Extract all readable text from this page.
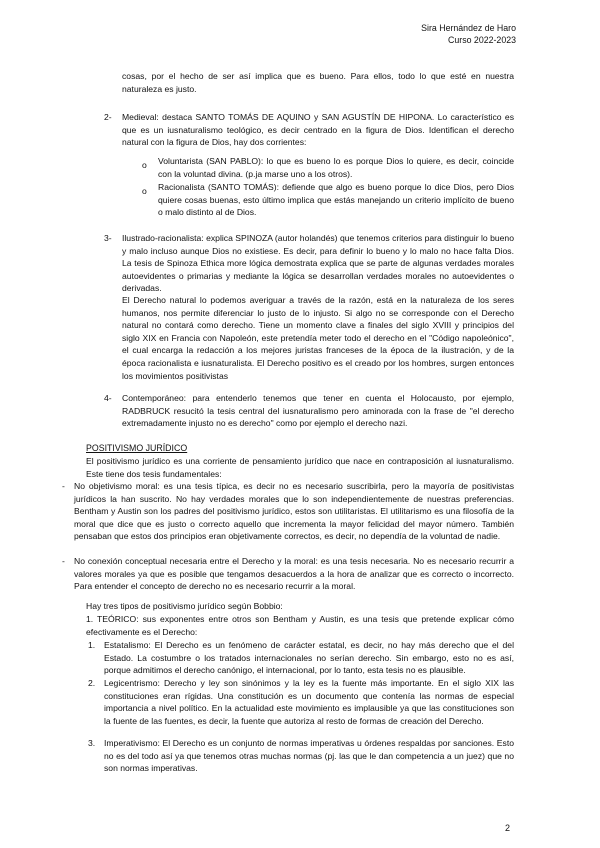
Sira Hernández de Haro
Curso 2022-2023
cosas, por el hecho de ser así implica que es bueno. Para ellos, todo lo que esté en nuestra naturaleza es justo.
2- Medieval: destaca SANTO TOMÁS DE AQUINO y SAN AGUSTÍN DE HIPONA. Lo característico es que es un iusnaturalismo teológico, es decir centrado en la figura de Dios. Identifican el derecho natural con la figura de Dios, hay dos corrientes:
o Voluntarista (SAN PABLO): lo que es bueno lo es porque Dios lo quiere, es decir, coincide con la voluntad divina. (p.ja marse uno a los otros).
o Racionalista (SANTO TOMÁS): defiende que algo es bueno porque lo dice Dios, pero Dios quiere cosas buenas, esto último implica que estás manejando un criterio implícito de bueno o malo distinto al de Dios.
3- Ilustrado-racionalista: explica SPINOZA (autor holandés) que tenemos criterios para distinguir lo bueno y malo incluso aunque Dios no existiese. Es decir, para definir lo bueno y lo malo no hace falta Dios. La tesis de Spinoza Ethica more lógica demostrata explica que se parte de algunas verdades morales autoevidentes o primarias y mediante la lógica se desarrollan verdades morales no autoevidentes o derivadas.
El Derecho natural lo podemos averiguar a través de la razón, está en la naturaleza de los seres humanos, nos permite diferenciar lo justo de lo injusto. Si algo no se corresponde con el Derecho natural no contará como derecho. Tiene un momento clave a finales del siglo XVIII y principios del siglo XIX en Francia con Napoleón, este pretendía meter todo el derecho en el "Código napoleónico", el cual encarga la redacción a los mejores juristas franceses de la época de la ilustración, y de la época racionalista e iusnaturalista. El Derecho positivo es el creado por los hombres, surgen entonces los movimientos positivistas
4- Contemporáneo: para entenderlo tenemos que tener en cuenta el Holocausto, por ejemplo, RADBRUCK resucitó la tesis central del iusnaturalismo pero aminorada con la frase de "el derecho extremadamente injusto no es derecho" como por ejemplo el derecho nazi.
POSITIVISMO JURÍDICO
El positivismo jurídico es una corriente de pensamiento jurídico que nace en contraposición al iusnaturalismo. Este tiene dos tesis fundamentales:
- No objetivismo moral: es una tesis típica, es decir no es necesario suscribirla, pero la mayoría de positivistas jurídicos la han suscrito. No hay verdades morales que lo son independientemente de nuestras preferencias. Bentham y Austin son los padres del positivismo jurídico, estos son utilitaristas. El utilitarismo es una filosofía de la moral que dice que es justo o correcto aquello que incrementa la mayor felicidad del mayor número. También pensaban que estos dos principios eran objetivamente correctos, es decir, no dependía de la voluntad de nadie.
- No conexión conceptual necesaria entre el Derecho y la moral: es una tesis necesaria. No es necesario recurrir a valores morales ya que es posible que tengamos desacuerdos a la hora de analizar que es correcto o incorrecto. Para entender el concepto de derecho no es necesario recurrir a la moral.
Hay tres tipos de positivismo jurídico según Bobbio:
1. TEÓRICO: sus exponentes entre otros son Bentham y Austin, es una tesis que pretende explicar cómo efectivamente es el Derecho:
1. Estatalismo: El Derecho es un fenómeno de carácter estatal, es decir, no hay más derecho que el del Estado. La costumbre o los tratados internacionales no serían derecho. Sin embargo, esto no es así, porque admitimos el derecho canónigo, el internacional, por lo tanto, esta tesis no es plausible.
2. Legicentrismo: Derecho y ley son sinónimos y la ley es la fuente más importante. En el siglo XIX las constituciones eran rígidas. Una constitución es un documento que contenía las normas de especial importancia a nivel político. En la actualidad este movimiento es implausible ya que las constituciones son la fuente de las fuentes, es decir, la fuente que autoriza al resto de formas de creación del Derecho.
3. Imperativismo: El Derecho es un conjunto de normas imperativas u órdenes respaldas por sanciones. Esto no es del todo así ya que tenemos otras muchas normas (pj. las que le dan competencia a un juez) que no son normas imperativas.
2
